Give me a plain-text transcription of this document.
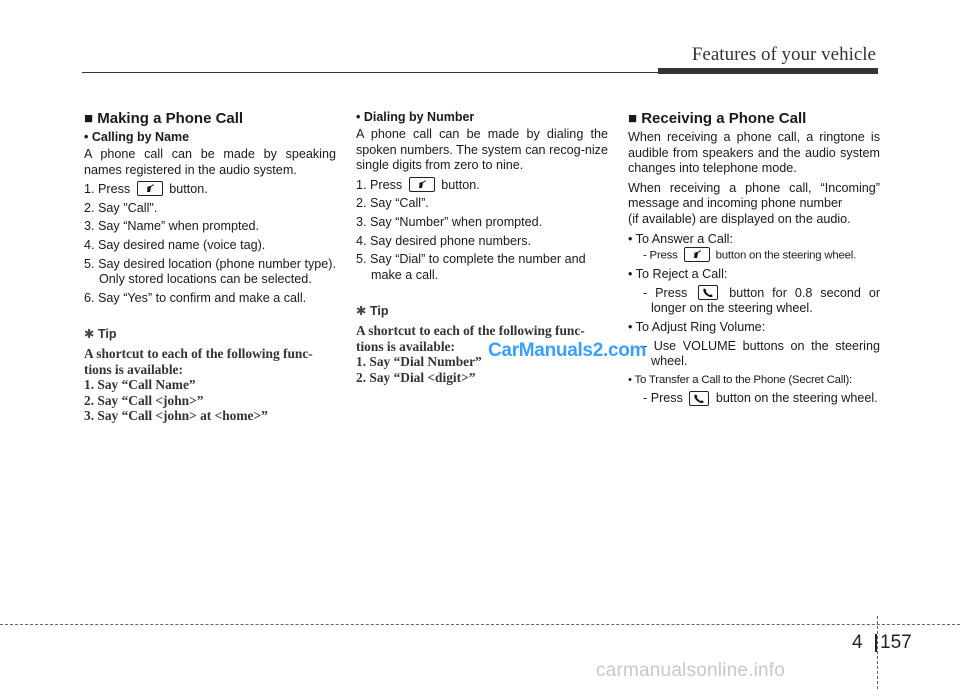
Features of your vehicle
■ Making a Phone Call
• Calling by Name
A phone call can be made by speaking names registered in the audio system.
1. Press	button.
2. Say "Call".
3. Say “Name” when prompted.
4. Say desired name (voice tag).
5. Say desired location (phone number type). Only stored locations can be selected.
6. Say “Yes” to confirm and make a call.
✱ Tip
A shortcut to each of the following func-
tions is available:
1. Say “Call Name”
2. Say “Call <john>”
3. Say “Call <john> at <home>”
• Dialing by Number
A phone call can be made by dialing the spoken numbers. The system can recog-nize single digits from zero to nine.
1. Press	button.
2. Say “Call”.
3. Say “Number” when prompted.
4. Say desired phone numbers.
5. Say “Dial” to complete the number and make a call.
✱ Tip
A shortcut to each of the following func-
tions is available:
1. Say “Dial Number”
2. Say “Dial <digit>”
■ Receiving a Phone Call
When receiving a phone call, a ringtone is audible from speakers and the audio system changes into telephone mode.
When receiving a phone call, “Incoming” message and incoming phone number
(if available) are displayed on the audio.
• To Answer a Call:
- Press	button on the steering wheel.
• To Reject a Call:
- Press	button for 0.8 second or longer on the steering wheel.
• To Adjust Ring Volume:
- Use VOLUME buttons on the steering wheel.
• To Transfer a Call to the Phone (Secret Call):
- Press	button on the steering wheel.
CarManuals2.com
4 157
carmanualsonline.info
